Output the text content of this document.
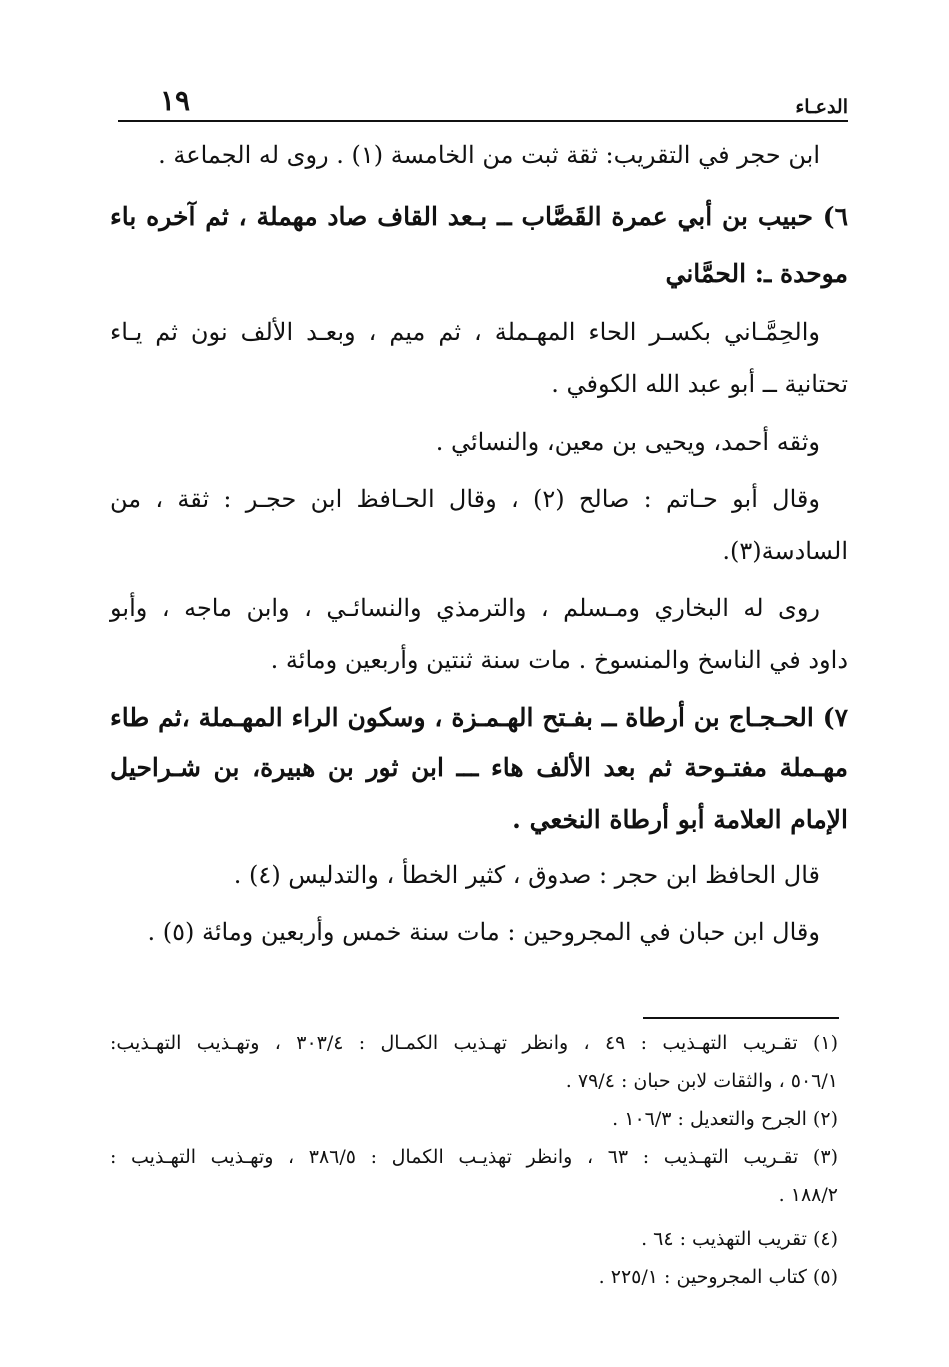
١٩	الدعـاء
ابن حجر في التقريب: ثقة ثبت من الخامسة (١) . روى له الجماعة .
٦) حبيب بن أبي عمرة القَصَّاب ــ بـعد القاف صاد مهملة ، ثم آخره باء
موحدة ـ: الحمَّاني
والحِمَّـاني بكسـر الحاء المهـملة ، ثم ميم ، وبعـد الألف نون ثم يـاء
تحتانية ــ أبو عبد الله الكوفي .
وثقه أحمد، ويحيى بن معين، والنسائي .
وقال أبو حـاتم : صالح (٢) ، وقال الحـافظ ابن حجـر : ثقة ، من
السادسة(٣).
روى له البخاري ومـسلم ، والترمذي والنسائـي ، وابن ماجه ، وأبو
داود في الناسخ والمنسوخ . مات سنة ثنتين وأربعين ومائة .
٧) الحـجـاج بن أرطاة ــ بفـتح الهـمـزة ، وسكون الراء المهـملة ،ثم طاء
مهـملة مفتـوحة ثم بعد الألف هاء ـــ ابن ثور بن هبيرة، بن شـراحيل
الإمام العلامة أبو أرطاة النخعي .
قال الحافظ ابن حجر : صدوق ، كثير الخطأ ، والتدليس (٤) .
وقال ابن حبان في المجروحين : مات سنة خمس وأربعين ومائة (٥) .
(١) تقـريب التهـذيب : ٤٩ ، وانظر تهـذيب الكمـال : ٣٠٣/٤ ، وتهـذيب التهـذيب:
٥٠٦/١ ، والثقات لابن حبان : ٧٩/٤ .
(٢) الجرح والتعديل : ١٠٦/٣ .
(٣) تقـريب التهـذيب : ٦٣ ، وانظر تهذيـب الكمال : ٣٨٦/٥ ، وتهـذيب التهـذيب :
١٨٨/٢ .
(٤) تقريب التهذيب : ٦٤ .
(٥) كتاب المجروحين : ٢٢٥/١ .
